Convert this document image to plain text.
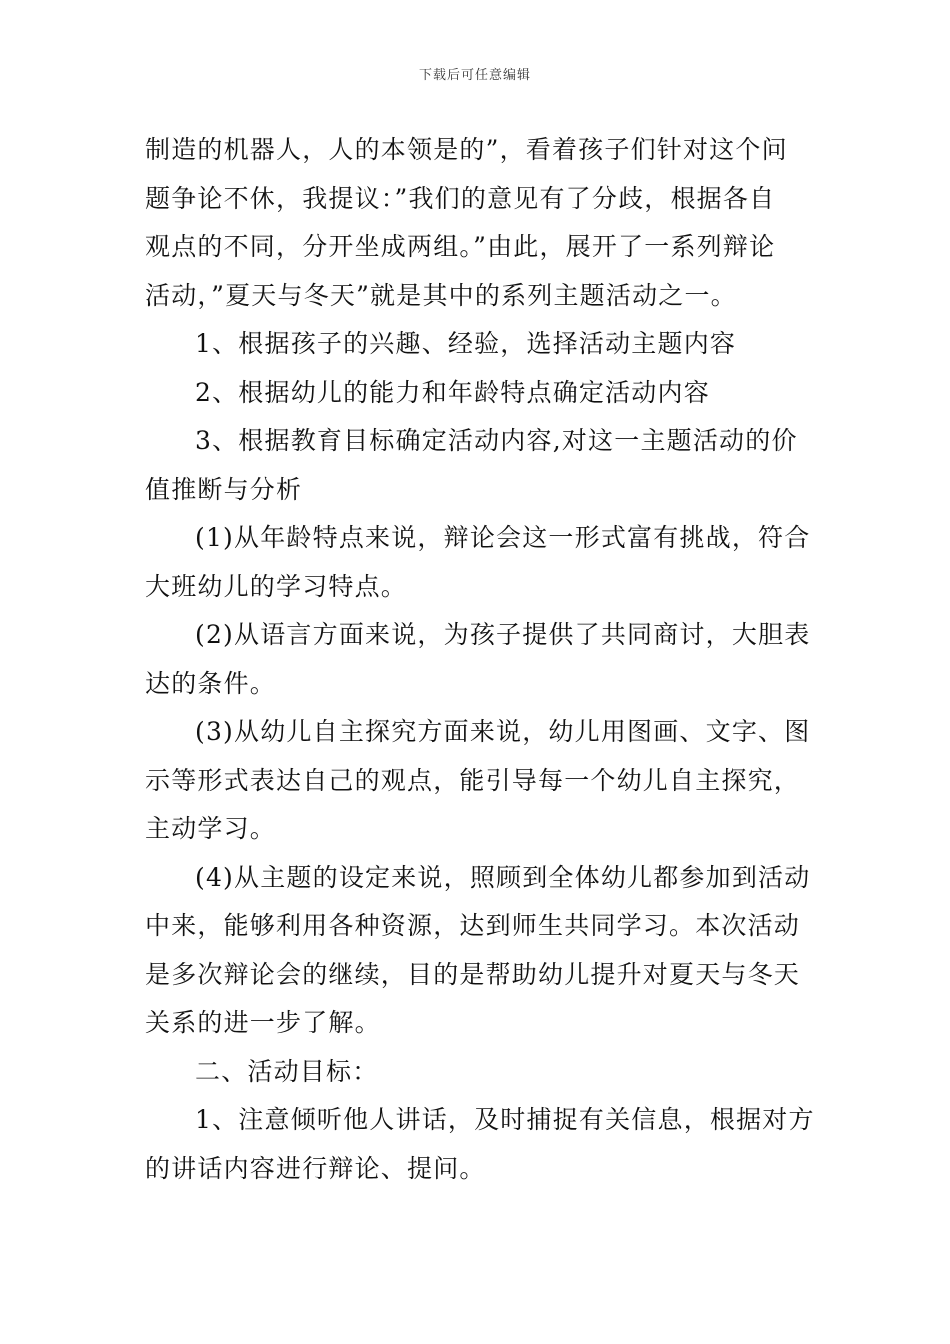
下载后可任意编辑

制造的机器人，人的本领是的”，看着孩子们针对这个问

题争论不休，我提议：”我们的意见有了分歧，根据各自

观点的不同，分开坐成两组。”由此，展开了一系列辩论

活动，”夏天与冬天”就是其中的系列主题活动之一。

1、根据孩子的兴趣、经验，选择活动主题内容

2、根据幼儿的能力和年龄特点确定活动内容

3、根据教育目标确定活动内容,对这一主题活动的价

值推断与分析

(1)从年龄特点来说，辩论会这一形式富有挑战，符合

大班幼儿的学习特点。

(2)从语言方面来说，为孩子提供了共同商讨，大胆表

达的条件。

(3)从幼儿自主探究方面来说，幼儿用图画、文字、图

示等形式表达自己的观点，能引导每一个幼儿自主探究，

主动学习。

(4)从主题的设定来说，照顾到全体幼儿都参加到活动

中来，能够利用各种资源，达到师生共同学习。本次活动

是多次辩论会的继续，目的是帮助幼儿提升对夏天与冬天

关系的进一步了解。

二、活动目标：

1、注意倾听他人讲话，及时捕捉有关信息，根据对方

的讲话内容进行辩论、提问。
